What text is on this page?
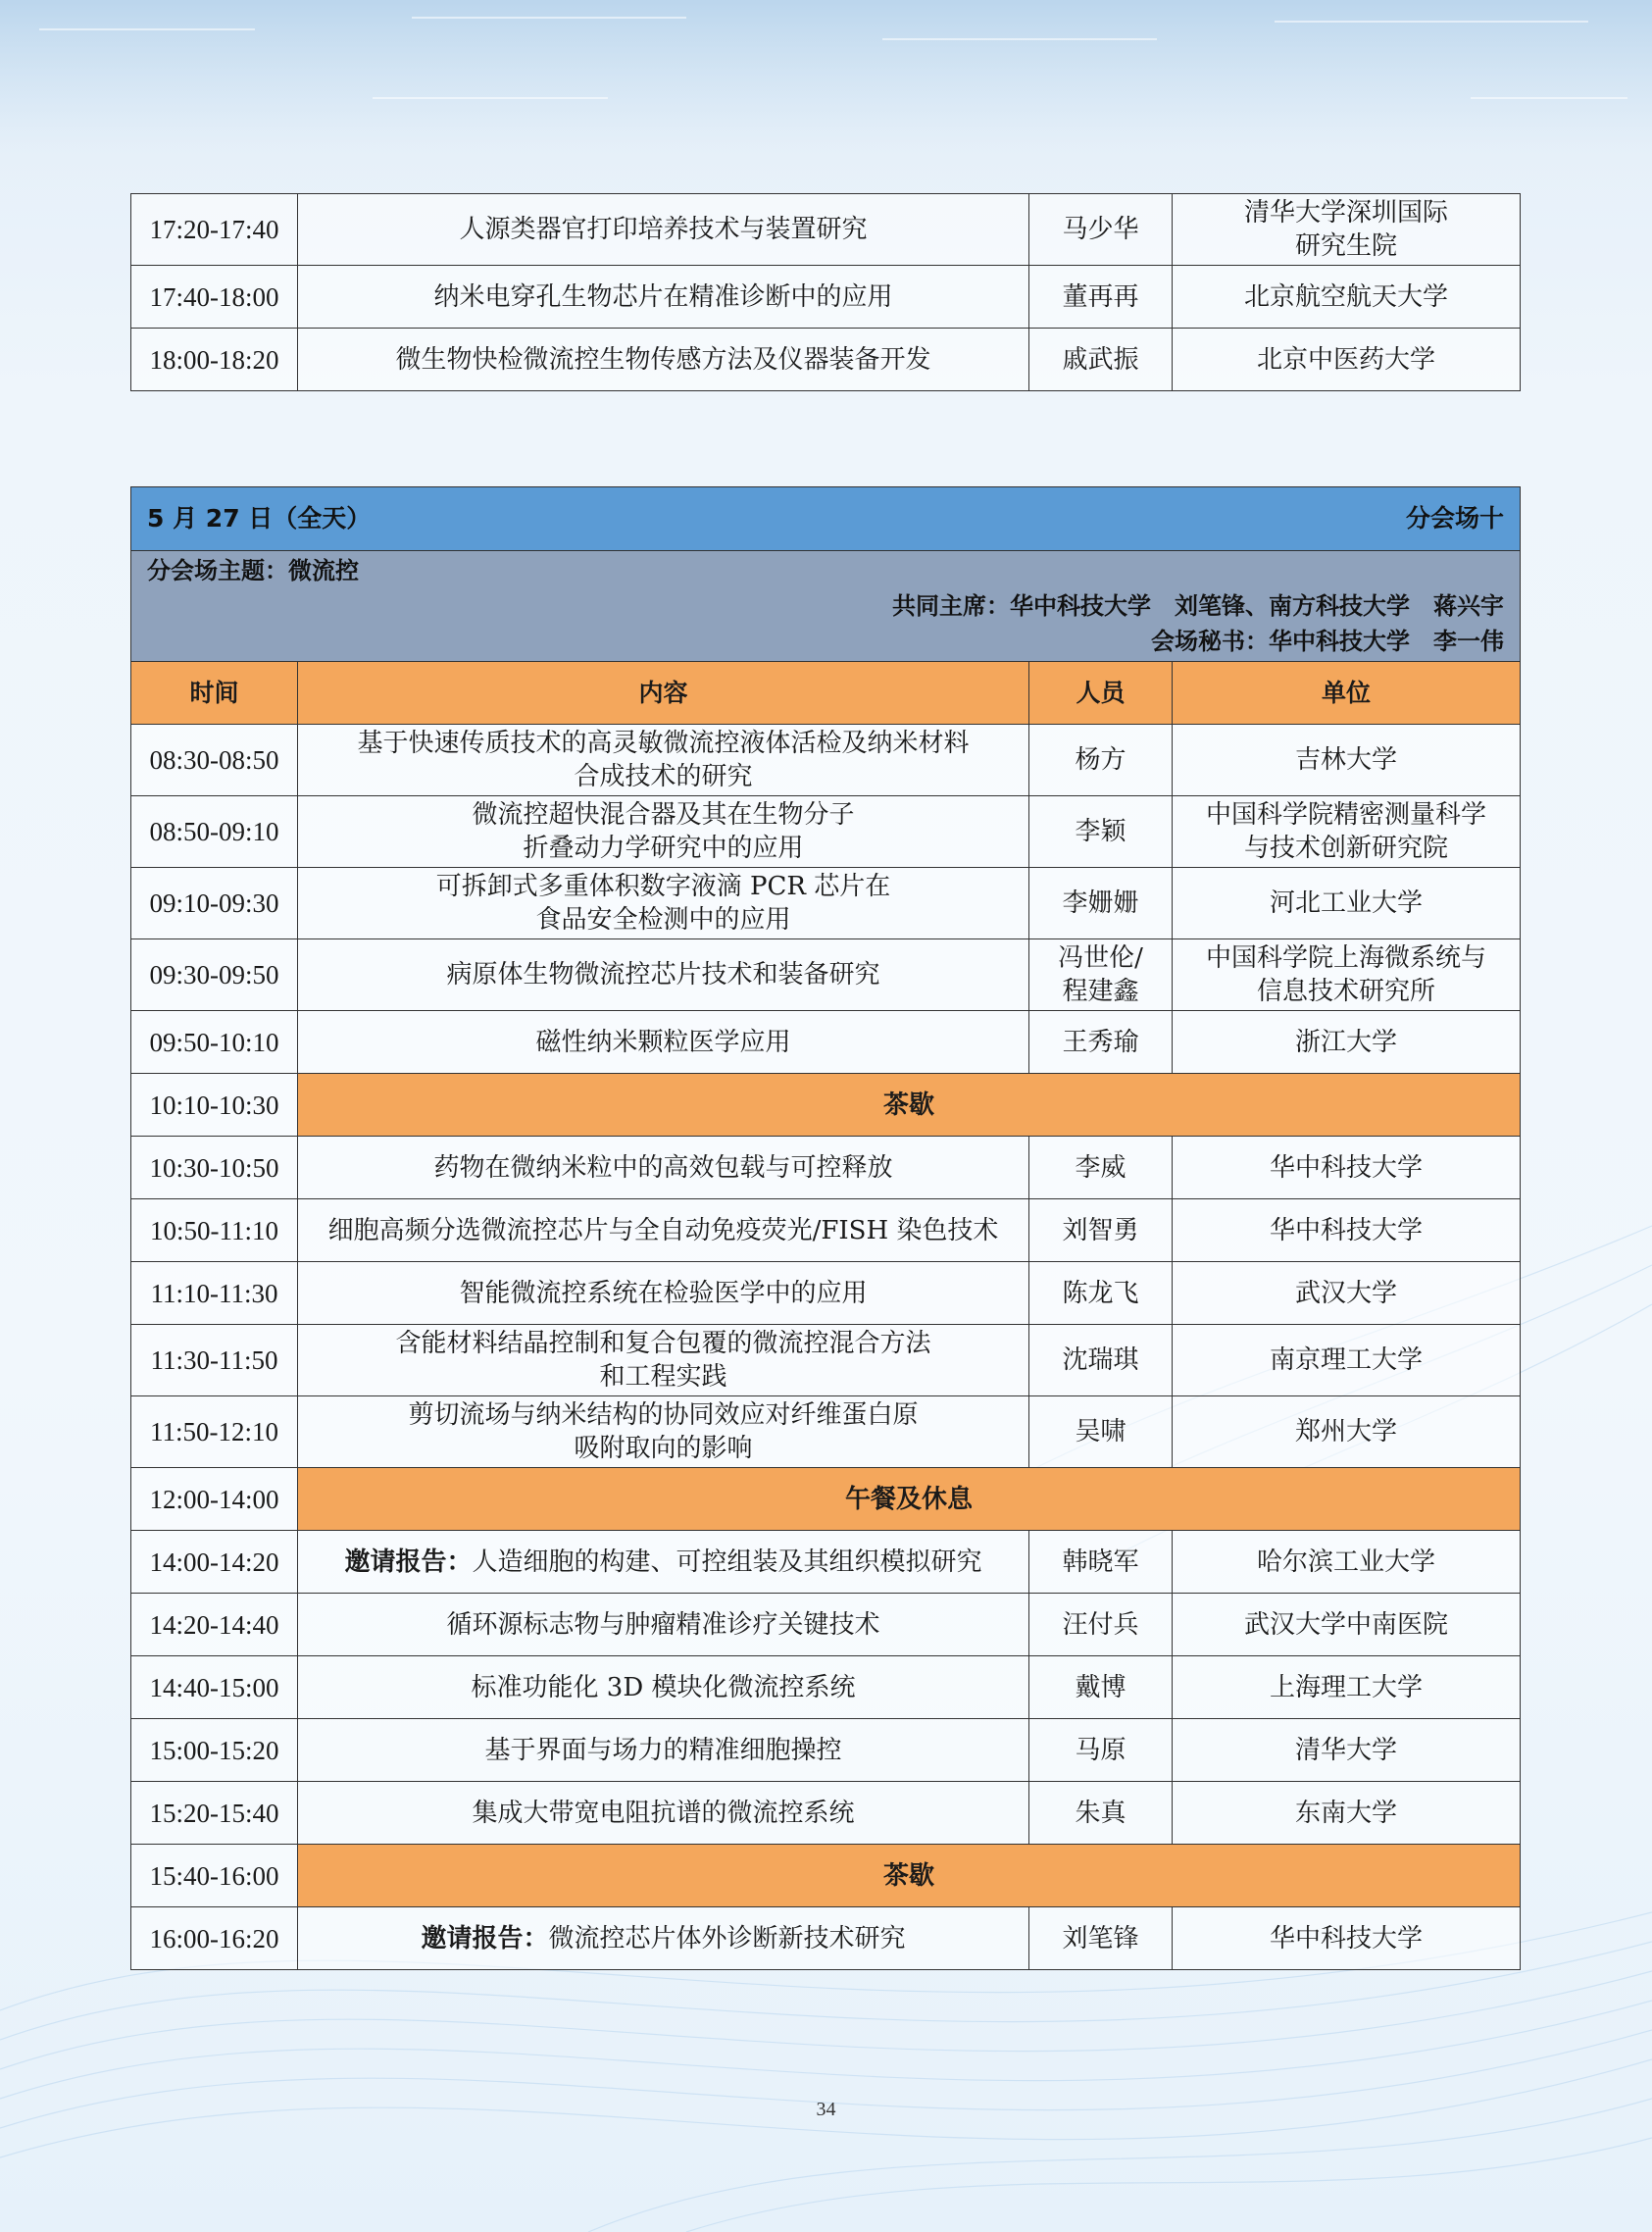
17:20-17:40	人源类器官打印培养技术与装置研究	马少华	清华大学深圳国际
研究生院

17:40-18:00	纳米电穿孔生物芯片在精准诊断中的应用	董再再	北京航空航天大学

18:00-18:20	微生物快检微流控生物传感方法及仪器装备开发	戚武振	北京中医药大学
5 月 27 日（全天） 分会场十			

分会场主题：微流控
共同主席：华中科技大学　刘笔锋、南方科技大学　蒋兴宇
会场秘书：华中科技大学　李一伟			

时间	内容	人员	单位
08:30-08:50	基于快速传质技术的高灵敏微流控液体活检及纳米材料
合成技术的研究	杨方	吉林大学

08:50-09:10	微流控超快混合器及其在生物分子
折叠动力学研究中的应用	李颖	中国科学院精密测量科学
与技术创新研究院

09:10-09:30	可拆卸式多重体积数字液滴 PCR 芯片在
食品安全检测中的应用	李姗姗	河北工业大学

09:30-09:50	病原体生物微流控芯片技术和装备研究	冯世伦/
程建鑫	中国科学院上海微系统与
信息技术研究所

09:50-10:10	磁性纳米颗粒医学应用	王秀瑜	浙江大学

10:10-10:30	茶歇		
10:30-10:50	药物在微纳米粒中的高效包载与可控释放	李威	华中科技大学

10:50-11:10	细胞高频分选微流控芯片与全自动免疫荧光/FISH 染色技术	刘智勇	华中科技大学

11:10-11:30	智能微流控系统在检验医学中的应用	陈龙飞	武汉大学

11:30-11:50	含能材料结晶控制和复合包覆的微流控混合方法
和工程实践	沈瑞琪	南京理工大学

11:50-12:10	剪切流场与纳米结构的协同效应对纤维蛋白原
吸附取向的影响	吴啸	郑州大学

12:00-14:00	午餐及休息		
14:00-14:20	邀请报告：人造细胞的构建、可控组装及其组织模拟研究	韩晓军	哈尔滨工业大学

14:20-14:40	循环源标志物与肿瘤精准诊疗关键技术	汪付兵	武汉大学中南医院

14:40-15:00	标准功能化 3D 模块化微流控系统	戴博	上海理工大学

15:00-15:20	基于界面与场力的精准细胞操控	马原	清华大学

15:20-15:40	集成大带宽电阻抗谱的微流控系统	朱真	东南大学

15:40-16:00	茶歇		
16:00-16:20	邀请报告：微流控芯片体外诊断新技术研究	刘笔锋	华中科技大学
34
